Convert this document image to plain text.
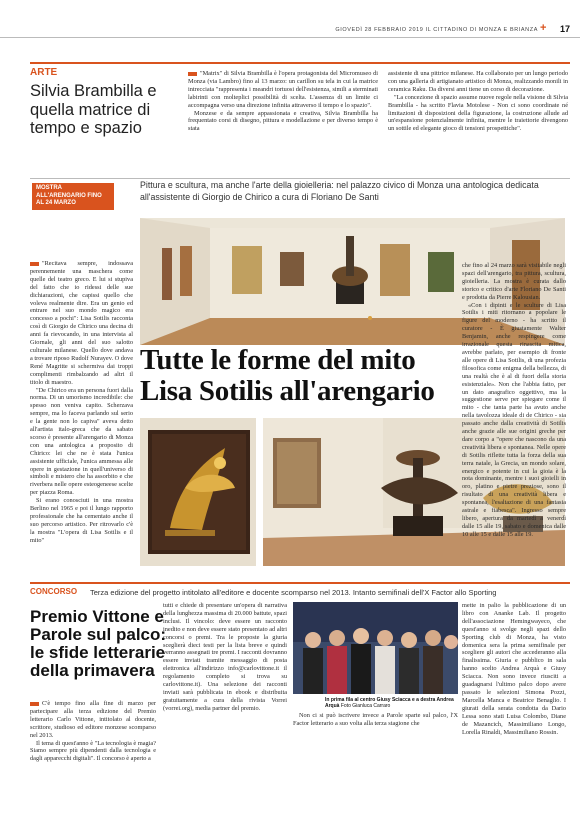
GIOVEDÌ 28 FEBBRAIO 2019 IL CITTADINO DI MONZA E BRIANZA +	17
ARTE
Silvia Brambilla e quella matrice di tempo e spazio

"Matrix" di Silvia Brambilla è l'opera protagonista del Micromuseo di Monza (via Lambro) fino al 13 marzo: un carillon su tela in cui la matrice intrecciata "rappresenta i meandri tortuosi dell'esistenza, simili a sterminati labirinti con molteplici possibilità di scelta. L'assenza di un limite ci accompagna verso una direzione infinita attraverso il tempo e lo spazio".

Monzese e da sempre appassionata e creativa, Silvia Brambilla ha frequentato corsi di disegno, pittura e modellazione e per diverso tempo è stata

assistente di una pittrice milanese. Ha collaborato per un lungo periodo con una galleria di artigianato artistico di Monza, realizzando monili in ceramica Raku. Da diversi anni tiene un corso di decorazione.

"La concezione di spazio assume nuove regole nella visione di Silvia Brambilla - ha scritto Flavia Motolese - Non ci sono coordinate né limitazioni di disposizioni della figurazione, la costruzione allude ad un'espansione potenzialmente infinita, mentre le traiettorie divengono un sottile ed elegante gioco di tensioni prospettiche".

MOSTRA ALL'ARENGARIO FINO AL 24 MARZO
Pittura e scultura, ma anche l'arte della gioielleria: nel palazzo civico di Monza una antologica dedicata all'assistente di Giorgio de Chirico a cura di Floriano De Santi
Tutte le forme del mito
Lisa Sotilis all'arengario

"Recitava sempre, indossava perennemente una maschera come quelle del teatro greco. E lui si stupiva del fatto che io ridessi delle sue dichiarazioni, che capissi quello che voleva realmente dire. Era un genio ed entrare nel suo mondo magico era concesso a pochi": Lisa Sotilis racconta così di Giorgio de Chirico una decina di anni fa rievocando, in una intervista al Giornale, gli anni del suo salotto culturale milanese. Quello dove andava a trovare riposo Rudolf Nurayev. O dove René Magritte si schermiva dai troppi complimenti rimbalzando ad altri il titolo di maestro.

"De Chirico era un persona fuori dalla norma. Di un umorismo incredibile: che spesso non veniva capito. Scherzava sempre, ma lo faceva parlando sul serio e la gente non lo capiva" aveva detto all'artista italo-greca che da sabato scorso è presente all'arengario di Monza con una antologica a proposito di Chirico: lei che ne è stata l'unica assistente ufficiale, l'unica ammessa alle opere in gestazione in quell'universo di simboli e mistero che ha assorbito e che riverbera nelle opere esteogeneese scelte per piazza Roma.

Si erano conosciuti in una mostra Berlino nel 1965 e poi il lungo rapporto professionale che ha cementato anche il suo percorso artistico. Per ritrovarlo c'è la mostra "L'opera di Lisa Sotilis e il mito"

che fino al 24 marzo sarà visitabile negli spazi dell'arengario, tra pittura, scultura, gioielleria. La mostra è curata dallo storico e critico d'arte Floriano De Santi e prodotta da Pierre Kalousian.

«Con i dipinti e le sculture di Lisa Sotilis i miti ritornano a popolare le figure del moderno - ha scritto il curatore - È giustamente Walter Benjamin, anche respingere come irrazionale questa rinascita mitica, avrebbe parlato, per esempio di fronte alle opere di Lisa Sotilis, di una profezia filosofica come enigma della bellezza, di una realtà che è al di fuori della storia esistenziale». Non che l'abbia fatto, per un dato anagrafico oggettivo, ma la suggestione serve per spiegare come il mito - che tanta parte ha avuto anche nella tavolozza ideale di de Chirico - sia passato anche dalla creatività di Sotilis anche grazie alle sue origini greche per dare corpo a "opere che nascono da una creatività libera e spontanea. Nelle opere di Sotilis riflette tutta la forza della sua terra natale, la Grecia, un mondo solare, energico e potente in cui la gioia è la nota dominante, mentre i suoi gioielli in oro, platino e pietre preziose, sono il risultato di una creatività libera e spontanea, l'esaltazione di una fantasia astrale e fiabesca". Ingresso sempre libero, apertura da martedì a venerdì dalle 15 alle 19, sabato e domenica dalle 10 alle 15 e dalle 15 alle 19.

CONCORSO Terza edizione del progetto intitolato all'editore e docente scomparso nel 2013. Intanto semifinali dell'X Factor allo Sporting
Premio Vittone e Parole sul palco: le sfide letterarie della primavera

C'è tempo fino alla fine di marzo per partecipare alla terza edizione del Premio letterario Carlo Vittone, intitolato al docente, scrittore, studioso ed editore monzese scomparso nel 2013.

Il tema di quest'anno è "La tecnologia è magia? Siamo sempre più dipendenti dalla tecnologia e dagli apparecchi digitali". Il concorso è aperto a

tutti e chiede di presentare un'opera di narrativa della lunghezza massima di 20.000 battute, spazi inclusi. Il vincolo: deve essere un racconto inedito e non deve essere stato presentato ad altri concorsi o premi. Tra le proposte la giuria sceglierà dieci testi per la lista breve e quindi verranno assegnati tre premi. I racconti dovranno essere inviati tramite messaggio di posta elettronica all'indirizzo info@carlovittone.it il regolamento completo si trova su carlovittone.it). Una selezione dei racconti inviati sarà pubblicata in ebook e distribuita gratuitamente a cura della rivista Vorrei (vorrei.org), media partner del premio.

In prima fila al centro Giusy Sciacca e a destra Andrea Arquà Foto Gianluca Carraro

Non ci si può iscrivere invece a Parole sparte sul palco, l'X Factor letterario a suo volta alla terza stagione che

mette in palio la pubblicazione di un libro con Ananke Lab. Il progetto dell'associazione Hemingwayeco, che quest'anno si svolge negli spazi dello Sporting club di Monza, ha visto domenica sera la prima semifinale per scegliere gli autori che accederanno alla finalissima. Giuria e pubblico in sala hanno scelto Andrea Arquà e Giusy Sciacca. Non sono invece riusciti a guadagnarsi l'ultimo palco dopo avere passato le selezioni Simona Pozzi, Marcella Manca e Beatrice Benaglio. I giurati della serata condotta da Dario Lessa sono stati Luisa Colombo, Diane de Mazancich, Massimiliano Longo, Lorella Rinaldi, Massimiliano Rossin.
